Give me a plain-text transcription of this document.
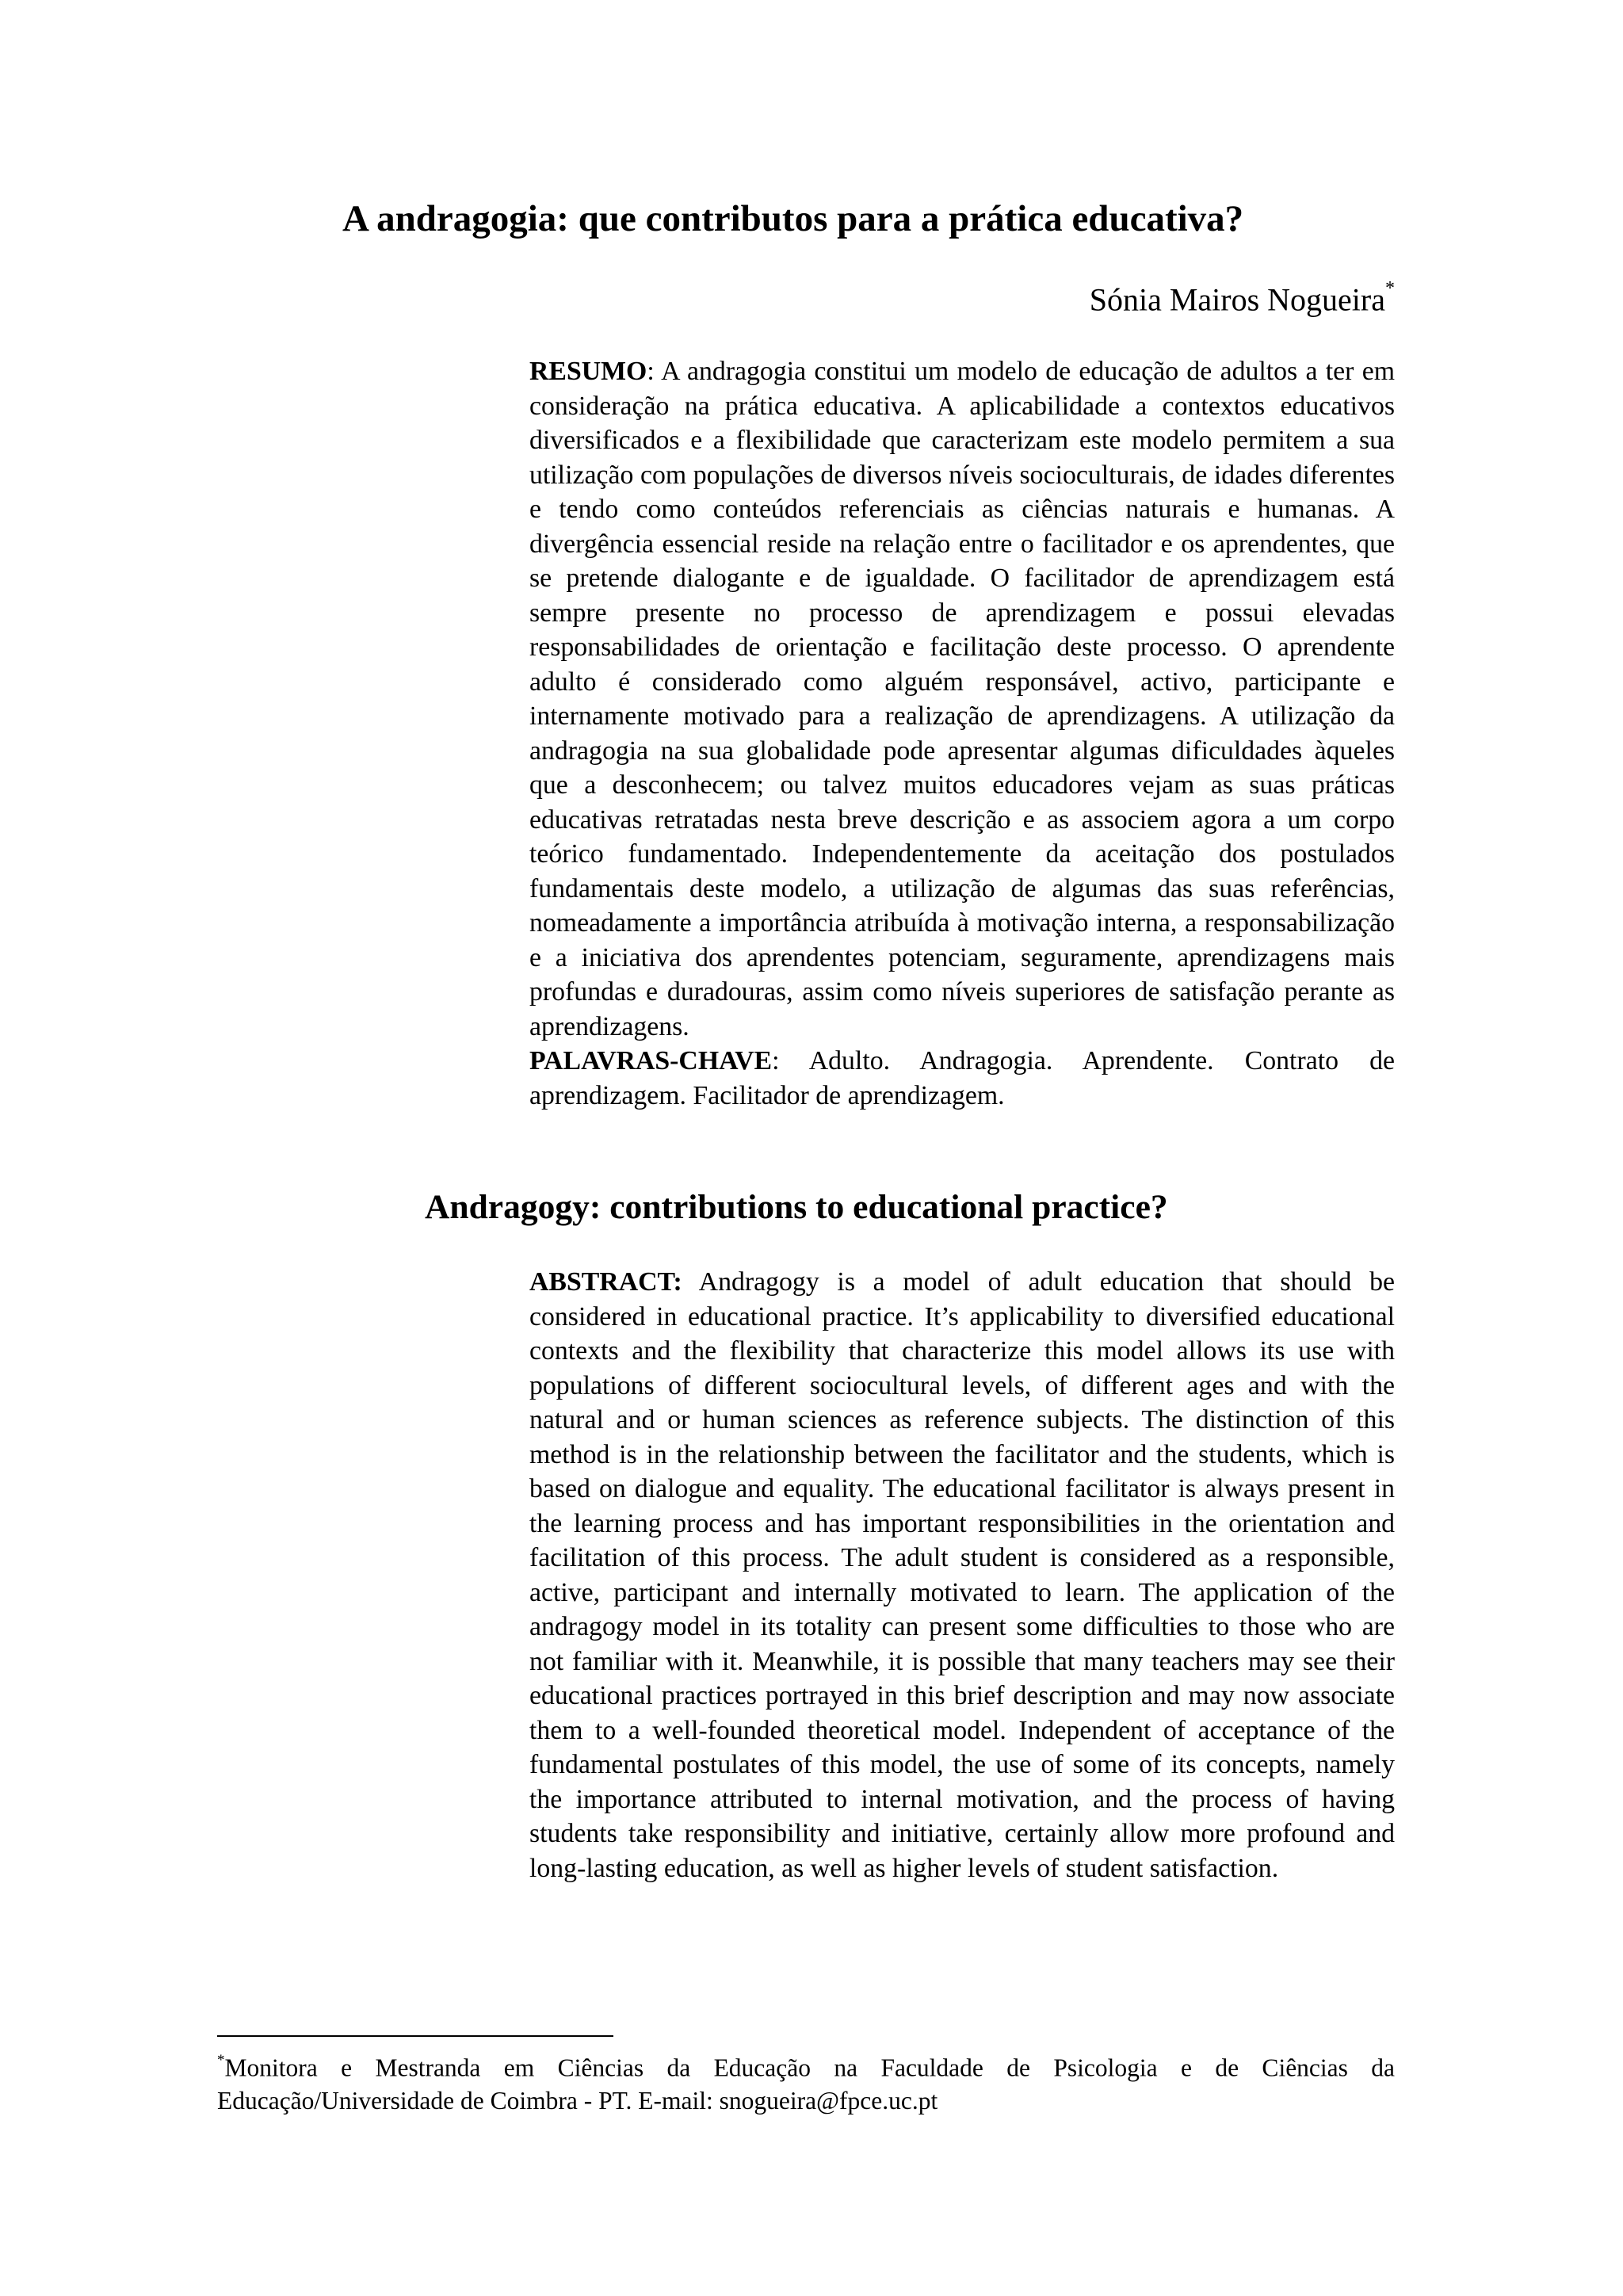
A andragogia: que contributos para a prática educativa?
Sónia Mairos Nogueira*

RESUMO: A andragogia constitui um modelo de educação de adultos a ter em consideração na prática educativa. A aplicabilidade a contextos educativos diversificados e a flexibilidade que caracterizam este modelo permitem a sua utilização com populações de diversos níveis socioculturais, de idades diferentes e tendo como conteúdos referenciais as ciências naturais e humanas. A divergência essencial reside na relação entre o facilitador e os aprendentes, que se pretende dialogante e de igualdade. O facilitador de aprendizagem está sempre presente no processo de aprendizagem e possui elevadas responsabilidades de orientação e facilitação deste processo. O aprendente adulto é considerado como alguém responsável, activo, participante e internamente motivado para a realização de aprendizagens. A utilização da andragogia na sua globalidade pode apresentar algumas dificuldades àqueles que a desconhecem; ou talvez muitos educadores vejam as suas práticas educativas retratadas nesta breve descrição e as associem agora a um corpo teórico fundamentado. Independentemente da aceitação dos postulados fundamentais deste modelo, a utilização de algumas das suas referências, nomeadamente a importância atribuída à motivação interna, a responsabilização e a iniciativa dos aprendentes potenciam, seguramente, aprendizagens mais profundas e duradouras, assim como níveis superiores de satisfação perante as aprendizagens.

PALAVRAS-CHAVE: Adulto. Andragogia. Aprendente. Contrato de aprendizagem. Facilitador de aprendizagem.

Andragogy: contributions to educational practice?

ABSTRACT: Andragogy is a model of adult education that should be considered in educational practice. It’s applicability to diversified educational contexts and the flexibility that characterize this model allows its use with populations of different sociocultural levels, of different ages and with the natural and or human sciences as reference subjects. The distinction of this method is in the relationship between the facilitator and the students, which is based on dialogue and equality. The educational facilitator is always present in the learning process and has important responsibilities in the orientation and facilitation of this process. The adult student is considered as a responsible, active, participant and internally motivated to learn. The application of the andragogy model in its totality can present some difficulties to those who are not familiar with it. Meanwhile, it is possible that many teachers may see their educational practices portrayed in this brief description and may now associate them to a well-founded theoretical model. Independent of acceptance of the fundamental postulates of this model, the use of some of its concepts, namely the importance attributed to internal motivation, and the process of having students take responsibility and initiative, certainly allow more profound and long-lasting education, as well as higher levels of student satisfaction.

*Monitora e Mestranda em Ciências da Educação na Faculdade de Psicologia e de Ciências da Educação/Universidade de Coimbra - PT. E-mail: snogueira@fpce.uc.pt
